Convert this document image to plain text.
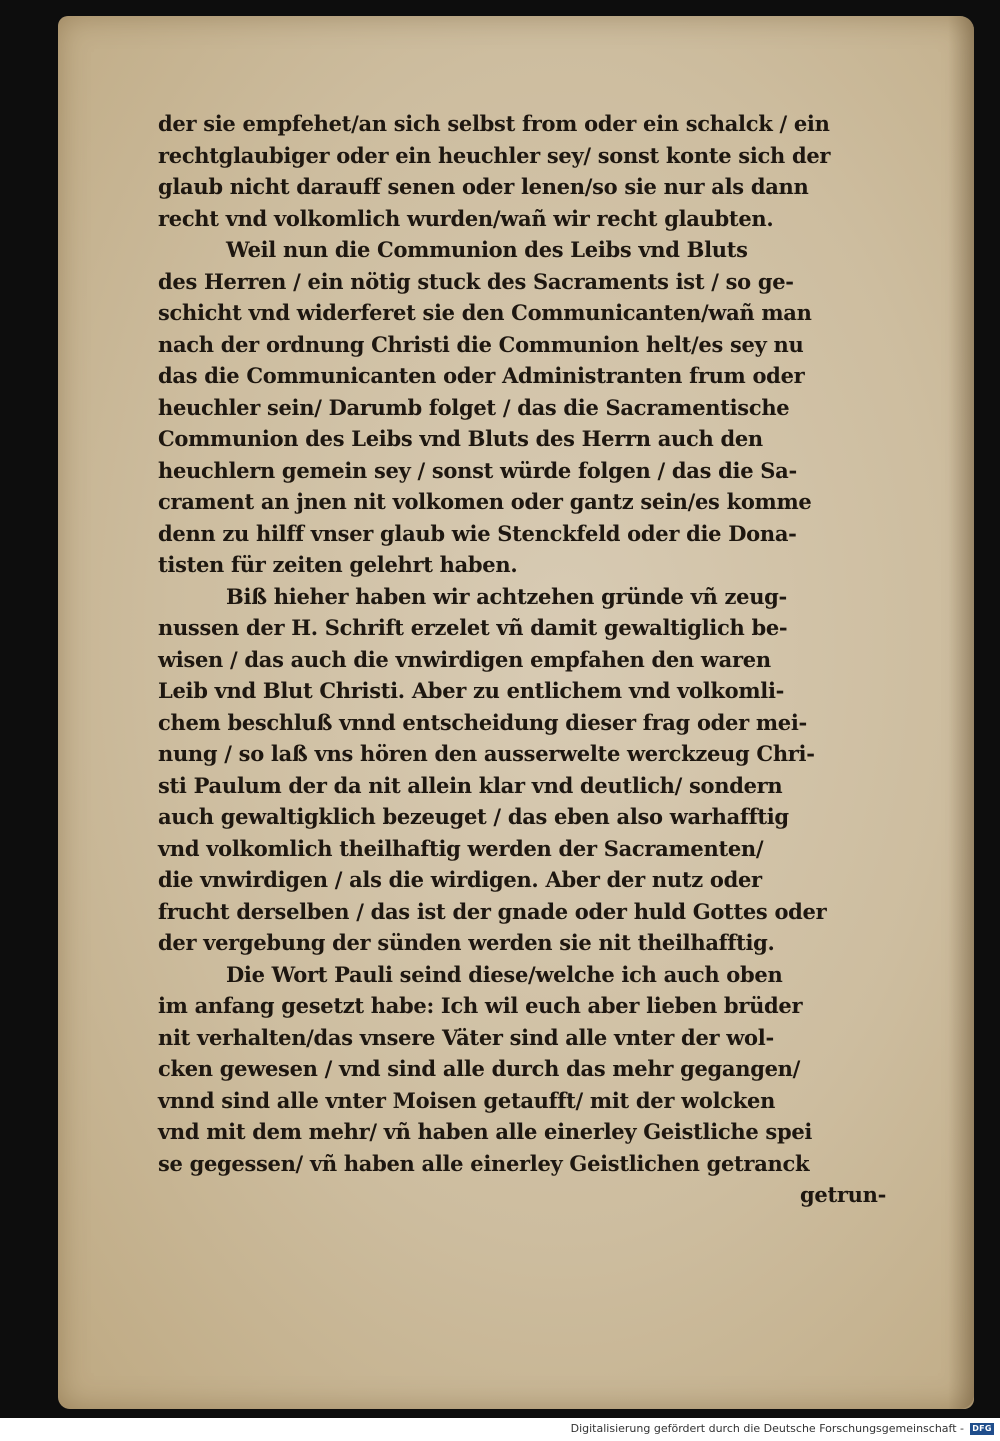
der sie empfehet/an sich selbst from oder ein schalck / ein
rechtglaubiger oder ein heuchler sey/ sonst konte sich der
glaub nicht darauff senen oder lenen/so sie nur als dann
recht vnd volkomlich wurden/wañ wir recht glaubten.
Weil nun die Communion des Leibs vnd Bluts
des Herren / ein nötig stuck des Sacraments ist / so ge-
schicht vnd widerferet sie den Communicanten/wañ man
nach der ordnung Christi die Communion helt/es sey nu
das die Communicanten oder Administranten frum oder
heuchler sein/ Darumb folget / das die Sacramentische
Communion des Leibs vnd Bluts des Herrn auch den
heuchlern gemein sey / sonst würde folgen / das die Sa-
crament an jnen nit volkomen oder gantz sein/es komme
denn zu hilff vnser glaub wie Stenckfeld oder die Dona-
tisten für zeiten gelehrt haben.
Biß hieher haben wir achtzehen gründe vñ zeug-
nussen der H. Schrift erzelet vñ damit gewaltiglich be-
wisen / das auch die vnwirdigen empfahen den waren
Leib vnd Blut Christi. Aber zu entlichem vnd volkomli-
chem beschluß vnnd entscheidung dieser frag oder mei-
nung / so laß vns hören den ausserwelte werckzeug Chri-
sti Paulum der da nit allein klar vnd deutlich/ sondern
auch gewaltigklich bezeuget / das eben also warhafftig
vnd volkomlich theilhaftig werden der Sacramenten/
die vnwirdigen / als die wirdigen. Aber der nutz oder
frucht derselben / das ist der gnade oder huld Gottes oder
der vergebung der sünden werden sie nit theilhafftig.
Die Wort Pauli seind diese/welche ich auch oben
im anfang gesetzt habe: Ich wil euch aber lieben brüder
nit verhalten/das vnsere Väter sind alle vnter der wol-
cken gewesen / vnd sind alle durch das mehr gegangen/
vnnd sind alle vnter Moisen getaufft/ mit der wolcken
vnd mit dem mehr/ vñ haben alle einerley Geistliche spei
se gegessen/ vñ haben alle einerley Geistlichen getranck
getrun-
Digitalisierung gefördert durch die Deutsche Forschungsgemeinschaft - DFG
